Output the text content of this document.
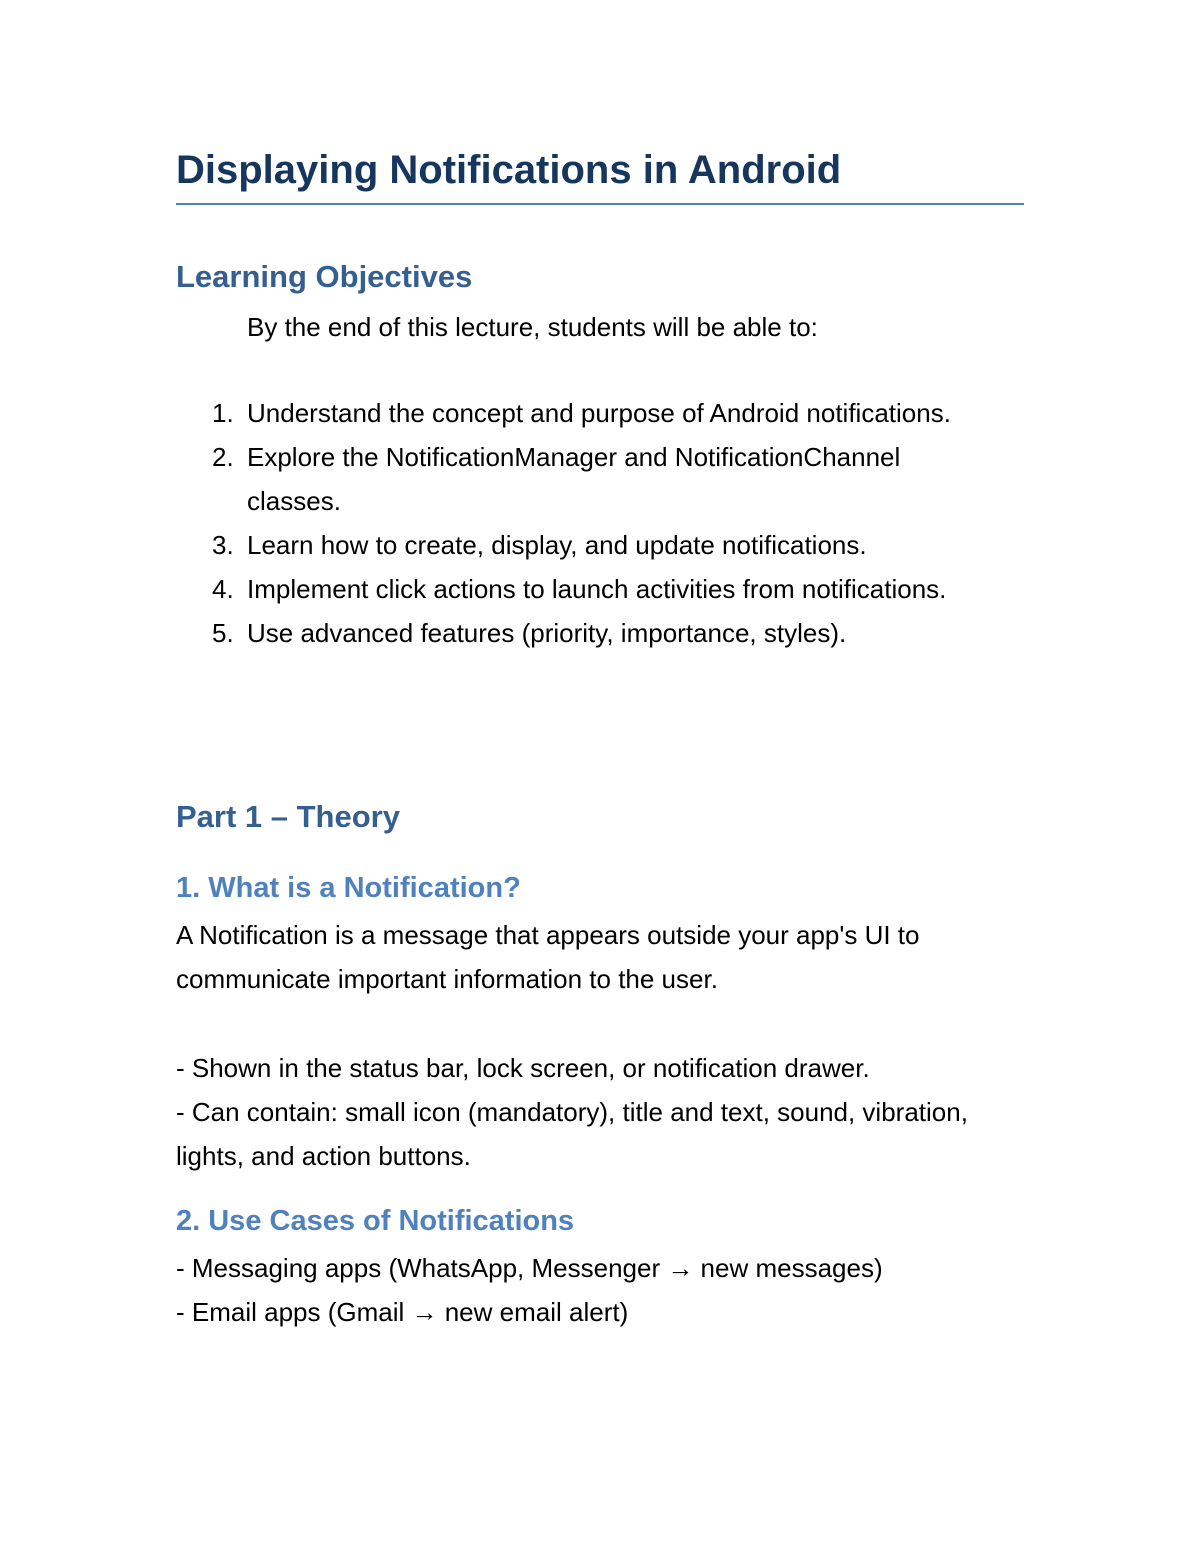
Displaying Notifications in Android
Learning Objectives

By the end of this lecture, students will be able to:

1. Understand the concept and purpose of Android notifications.
2. Explore the NotificationManager and NotificationChannel classes.
3. Learn how to create, display, and update notifications.
4. Implement click actions to launch activities from notifications.
5. Use advanced features (priority, importance, styles).
Part 1 – Theory
1. What is a Notification?

A Notification is a message that appears outside your app's UI to communicate important information to the user.

- Shown in the status bar, lock screen, or notification drawer.
- Can contain: small icon (mandatory), title and text, sound, vibration, lights, and action buttons.
2. Use Cases of Notifications
- Messaging apps (WhatsApp, Messenger → new messages)
- Email apps (Gmail → new email alert)
